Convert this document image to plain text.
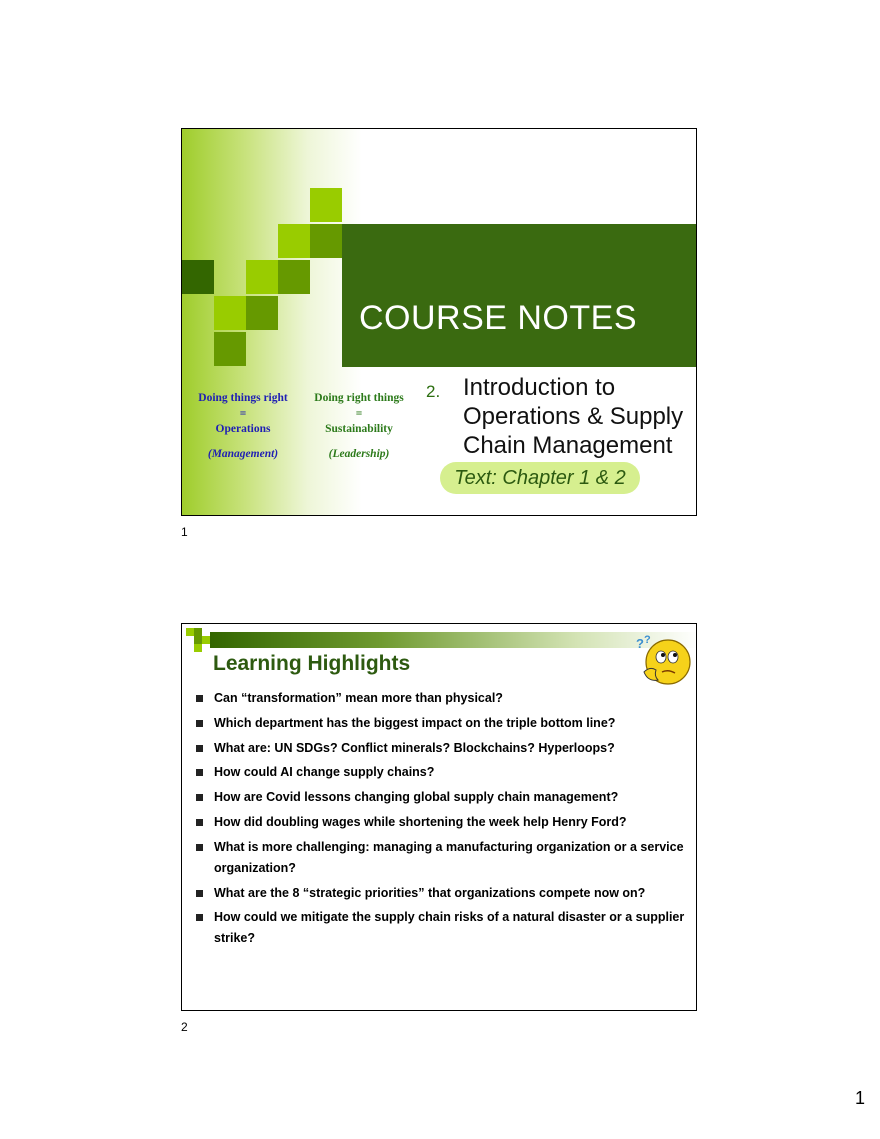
COURSE NOTES
Doing things right
=
Operations
(Management)
Doing right things
=
Sustainability
(Leadership)
2. Introduction to
Operations & Supply
Chain Management
Text: Chapter 1 & 2
1
Learning Highlights
? ?
Can “transformation” mean more than physical?
Which department has the biggest impact on the triple bottom line?
What are: UN SDGs? Conflict minerals? Blockchains? Hyperloops?
How could AI change supply chains?
How are Covid lessons changing global supply chain management?
How did doubling wages while shortening the week help Henry Ford?
What is more challenging: managing a manufacturing organization or a service organization?
What are the 8 “strategic priorities” that organizations compete now on?
How could we mitigate the supply chain risks of a natural disaster or a supplier strike?
2
1
